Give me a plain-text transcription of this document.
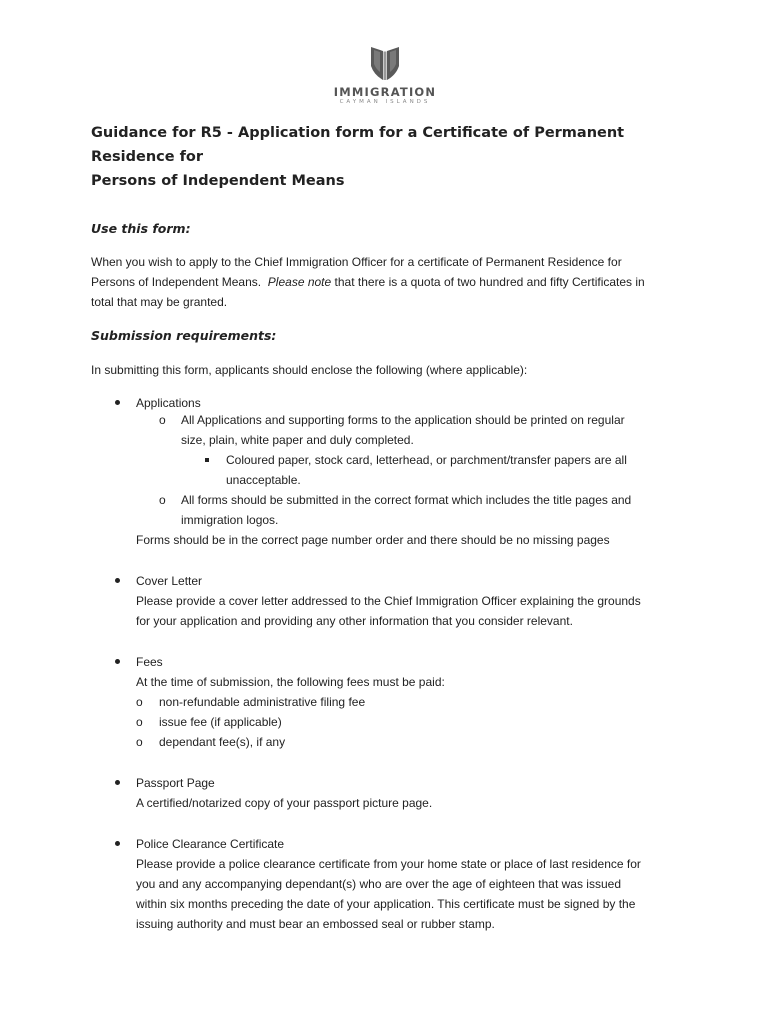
IMMIGRATION
CAYMAN ISLANDS
Guidance for R5 - Application form for a Certificate of Permanent Residence for
Persons of Independent Means
Use this form:
When you wish to apply to the Chief Immigration Officer for a certificate of Permanent Residence for
Persons of Independent Means. Please note that there is a quota of two hundred and fifty Certificates in
total that may be granted.
Submission requirements:
In submitting this form, applicants should enclose the following (where applicable):
Applications
o All Applications and supporting forms to the application should be printed on regular
size, plain, white paper and duly completed.
Coloured paper, stock card, letterhead, or parchment/transfer papers are all
unacceptable.
o All forms should be submitted in the correct format which includes the title pages and
immigration logos.
Forms should be in the correct page number order and there should be no missing pages
Cover Letter
Please provide a cover letter addressed to the Chief Immigration Officer explaining the grounds
for your application and providing any other information that you consider relevant.
Fees
At the time of submission, the following fees must be paid:
o non-refundable administrative filing fee
o issue fee (if applicable)
o dependant fee(s), if any
Passport Page
A certified/notarized copy of your passport picture page.
Police Clearance Certificate
Please provide a police clearance certificate from your home state or place of last residence for
you and any accompanying dependant(s) who are over the age of eighteen that was issued
within six months preceding the date of your application. This certificate must be signed by the
issuing authority and must bear an embossed seal or rubber stamp.
